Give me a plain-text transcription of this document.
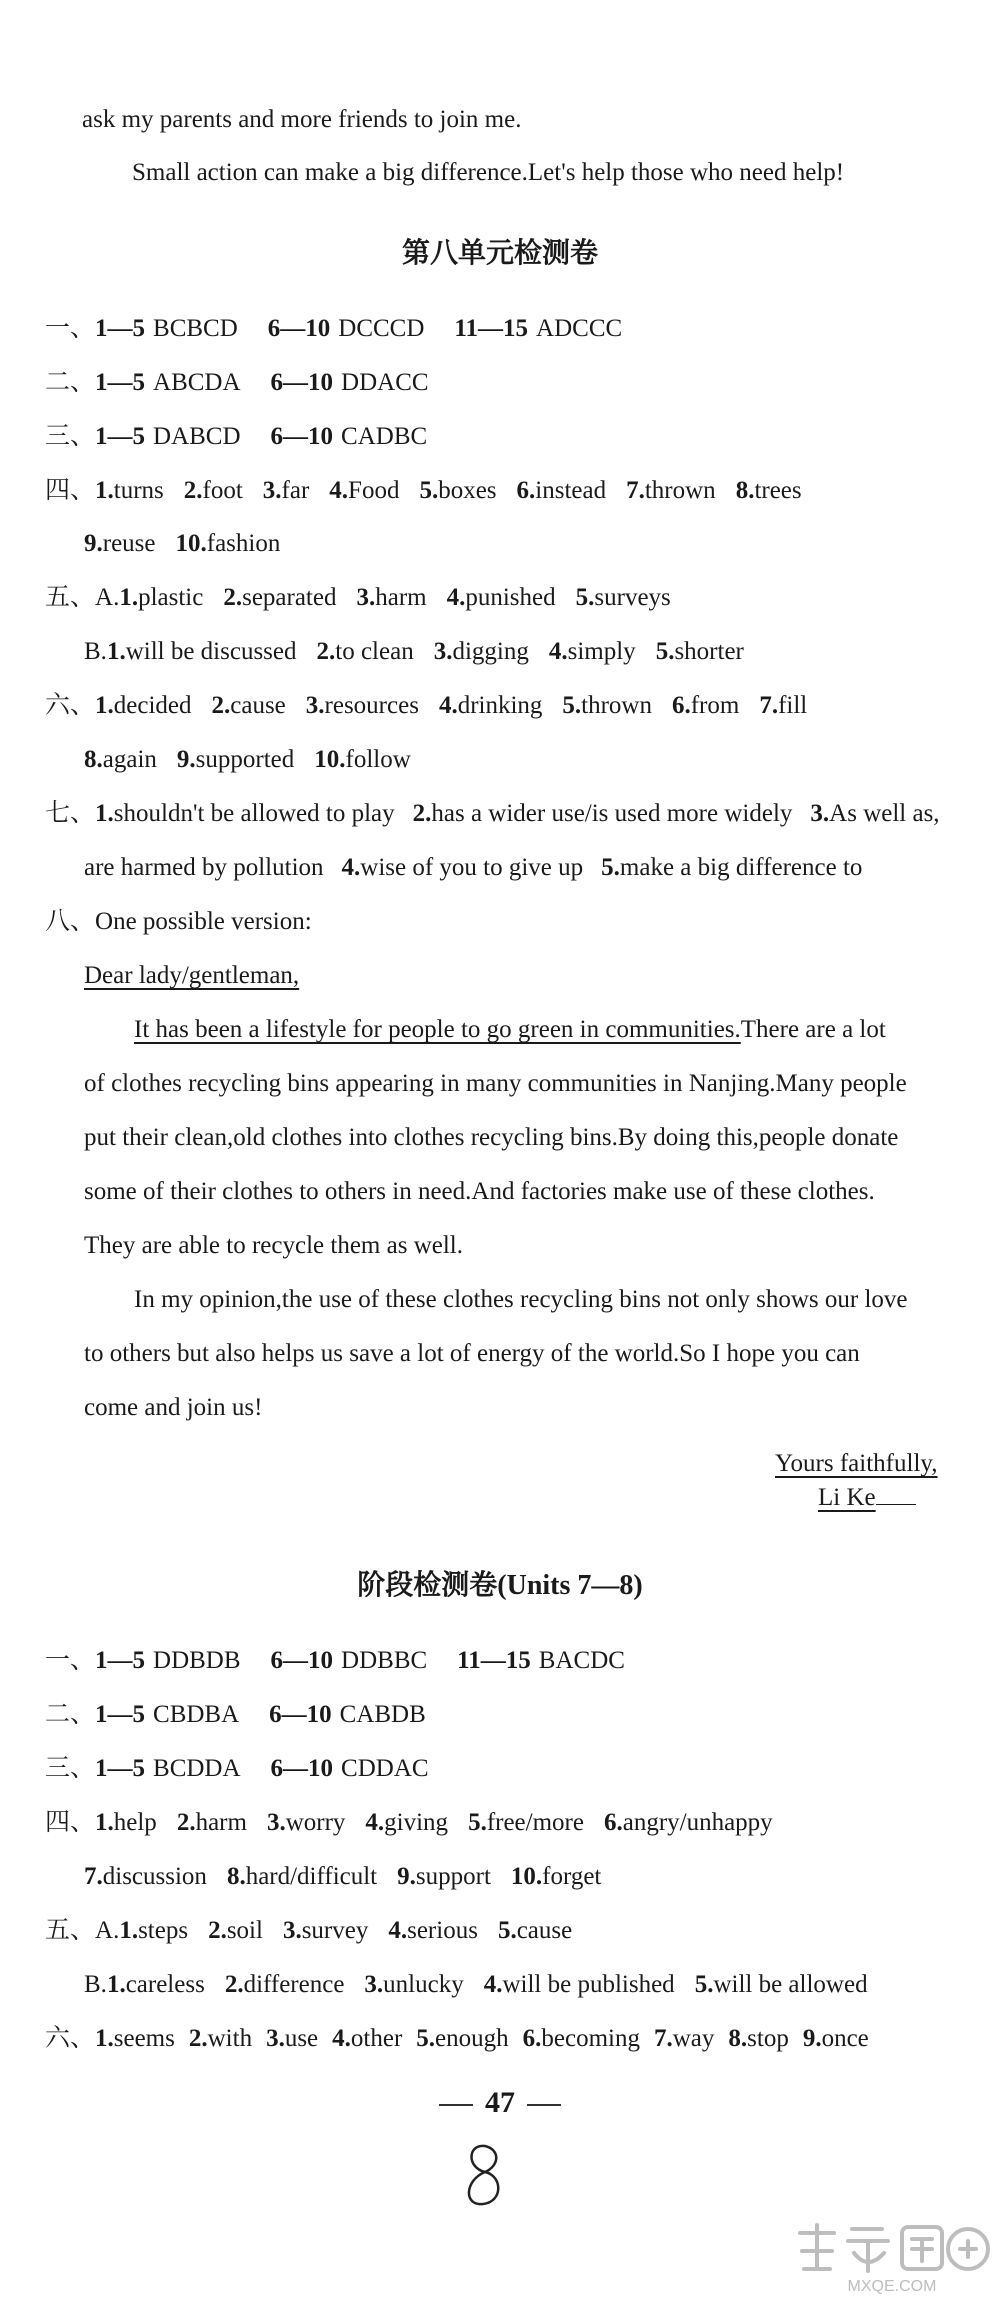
ask my parents and more friends to join me.
Small action can make a big difference.Let's help those who need help!
第八单元检测卷
一、1—5 BCBCD 6—10 DCCCD 11—15 ADCCC
二、1—5 ABCDA 6—10 DDACC
三、1—5 DABCD 6—10 CADBC
四、1.turns 2.foot 3.far 4.Food 5.boxes 6.instead 7.thrown 8.trees
9.reuse 10.fashion
五、A.1.plastic 2.separated 3.harm 4.punished 5.surveys
B.1.will be discussed 2.to clean 3.digging 4.simply 5.shorter
六、1.decided 2.cause 3.resources 4.drinking 5.thrown 6.from 7.fill
8.again 9.supported 10.follow
七、1.shouldn't be allowed to play 2.has a wider use/is used more widely 3.As well as,
are harmed by pollution 4.wise of you to give up 5.make a big difference to
八、One possible version:
Dear lady/gentleman,
It has been a lifestyle for people to go green in communities.There are a lot
of clothes recycling bins appearing in many communities in Nanjing.Many people
put their clean,old clothes into clothes recycling bins.By doing this,people donate
some of their clothes to others in need.And factories make use of these clothes.
They are able to recycle them as well.
In my opinion,the use of these clothes recycling bins not only shows our love
to others but also helps us save a lot of energy of the world.So I hope you can
come and join us!
Yours faithfully,
Li Ke
阶段检测卷(Units 7—8)
一、1—5 DDBDB 6—10 DDBBC 11—15 BACDC
二、1—5 CBDBA 6—10 CABDB
三、1—5 BCDDA 6—10 CDDAC
四、1.help 2.harm 3.worry 4.giving 5.free/more 6.angry/unhappy
7.discussion 8.hard/difficult 9.support 10.forget
五、A.1.steps 2.soil 3.survey 4.serious 5.cause
B.1.careless 2.difference 3.unlucky 4.will be published 5.will be allowed
六、1.seems 2.with 3.use 4.other 5.enough 6.becoming 7.way 8.stop 9.once
47
MXQE.COM
